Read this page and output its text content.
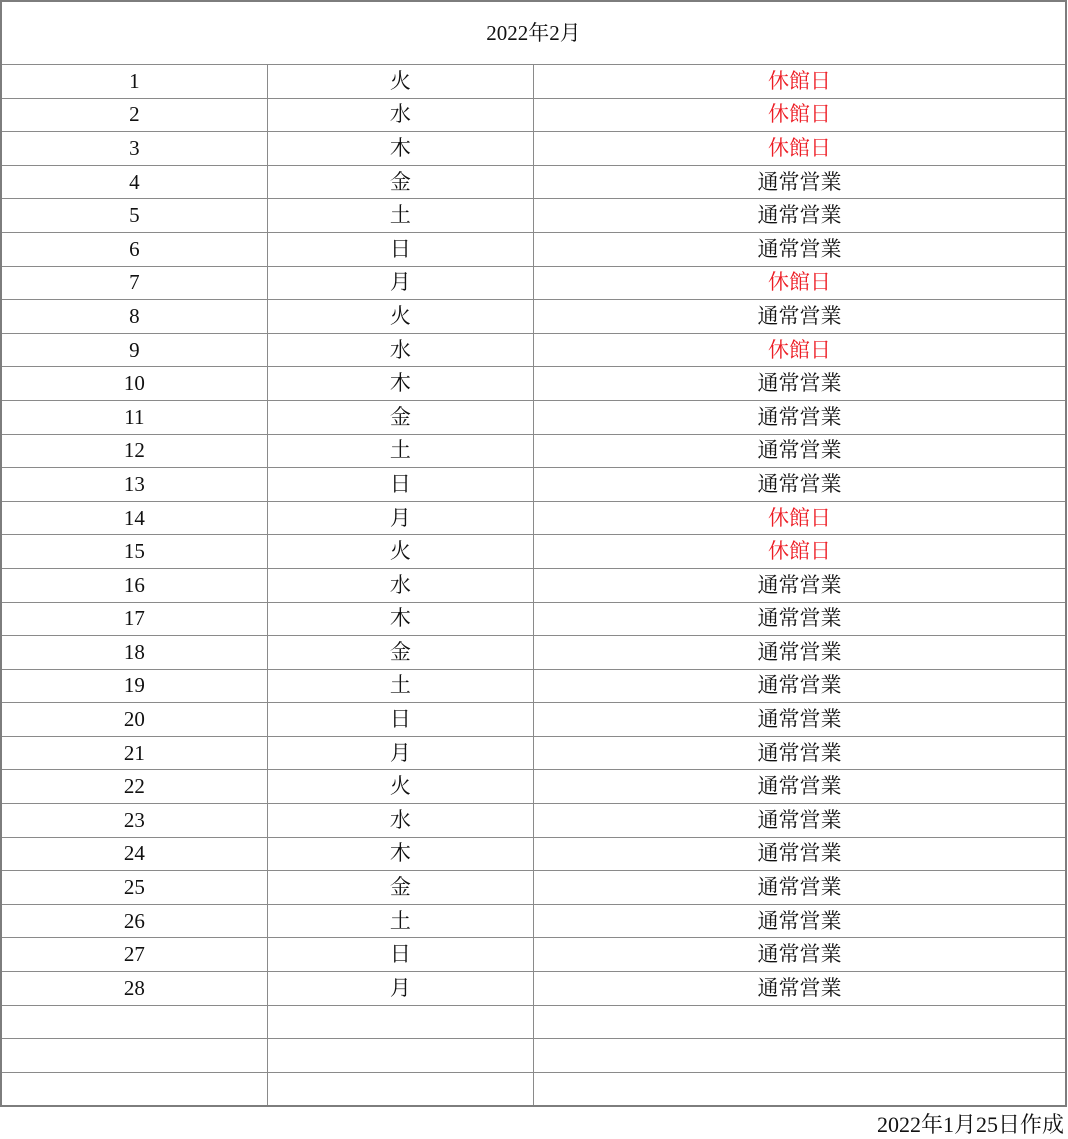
2022年2月		
1	火	休館日
2	水	休館日
3	木	休館日
4	金	通常営業
5	土	通常営業
6	日	通常営業
7	月	休館日
8	火	通常営業
9	水	休館日
10	木	通常営業
11	金	通常営業
12	土	通常営業
13	日	通常営業
14	月	休館日
15	火	休館日
16	水	通常営業
17	木	通常営業
18	金	通常営業
19	土	通常営業
20	日	通常営業
21	月	通常営業
22	火	通常営業
23	水	通常営業
24	木	通常営業
25	金	通常営業
26	土	通常営業
27	日	通常営業
28	月	通常営業

2022年1月25日作成
